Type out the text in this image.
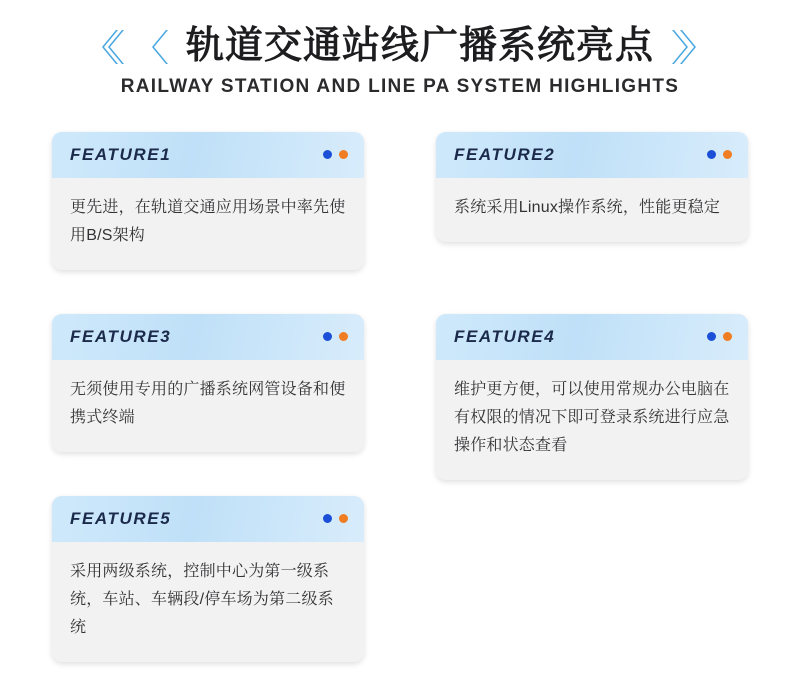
轨道交通站线广播系统亮点
RAILWAY STATION AND LINE PA SYSTEM HIGHLIGHTS
FEATURE1
更先进，在轨道交通应用场景中率先使用B/S架构
FEATURE2
系统采用Linux操作系统，性能更稳定
FEATURE3
无须使用专用的广播系统网管设备和便携式终端
FEATURE4
维护更方便，可以使用常规办公电脑在有权限的情况下即可登录系统进行应急操作和状态查看
FEATURE5
采用两级系统，控制中心为第一级系统，车站、车辆段/停车场为第二级系统
